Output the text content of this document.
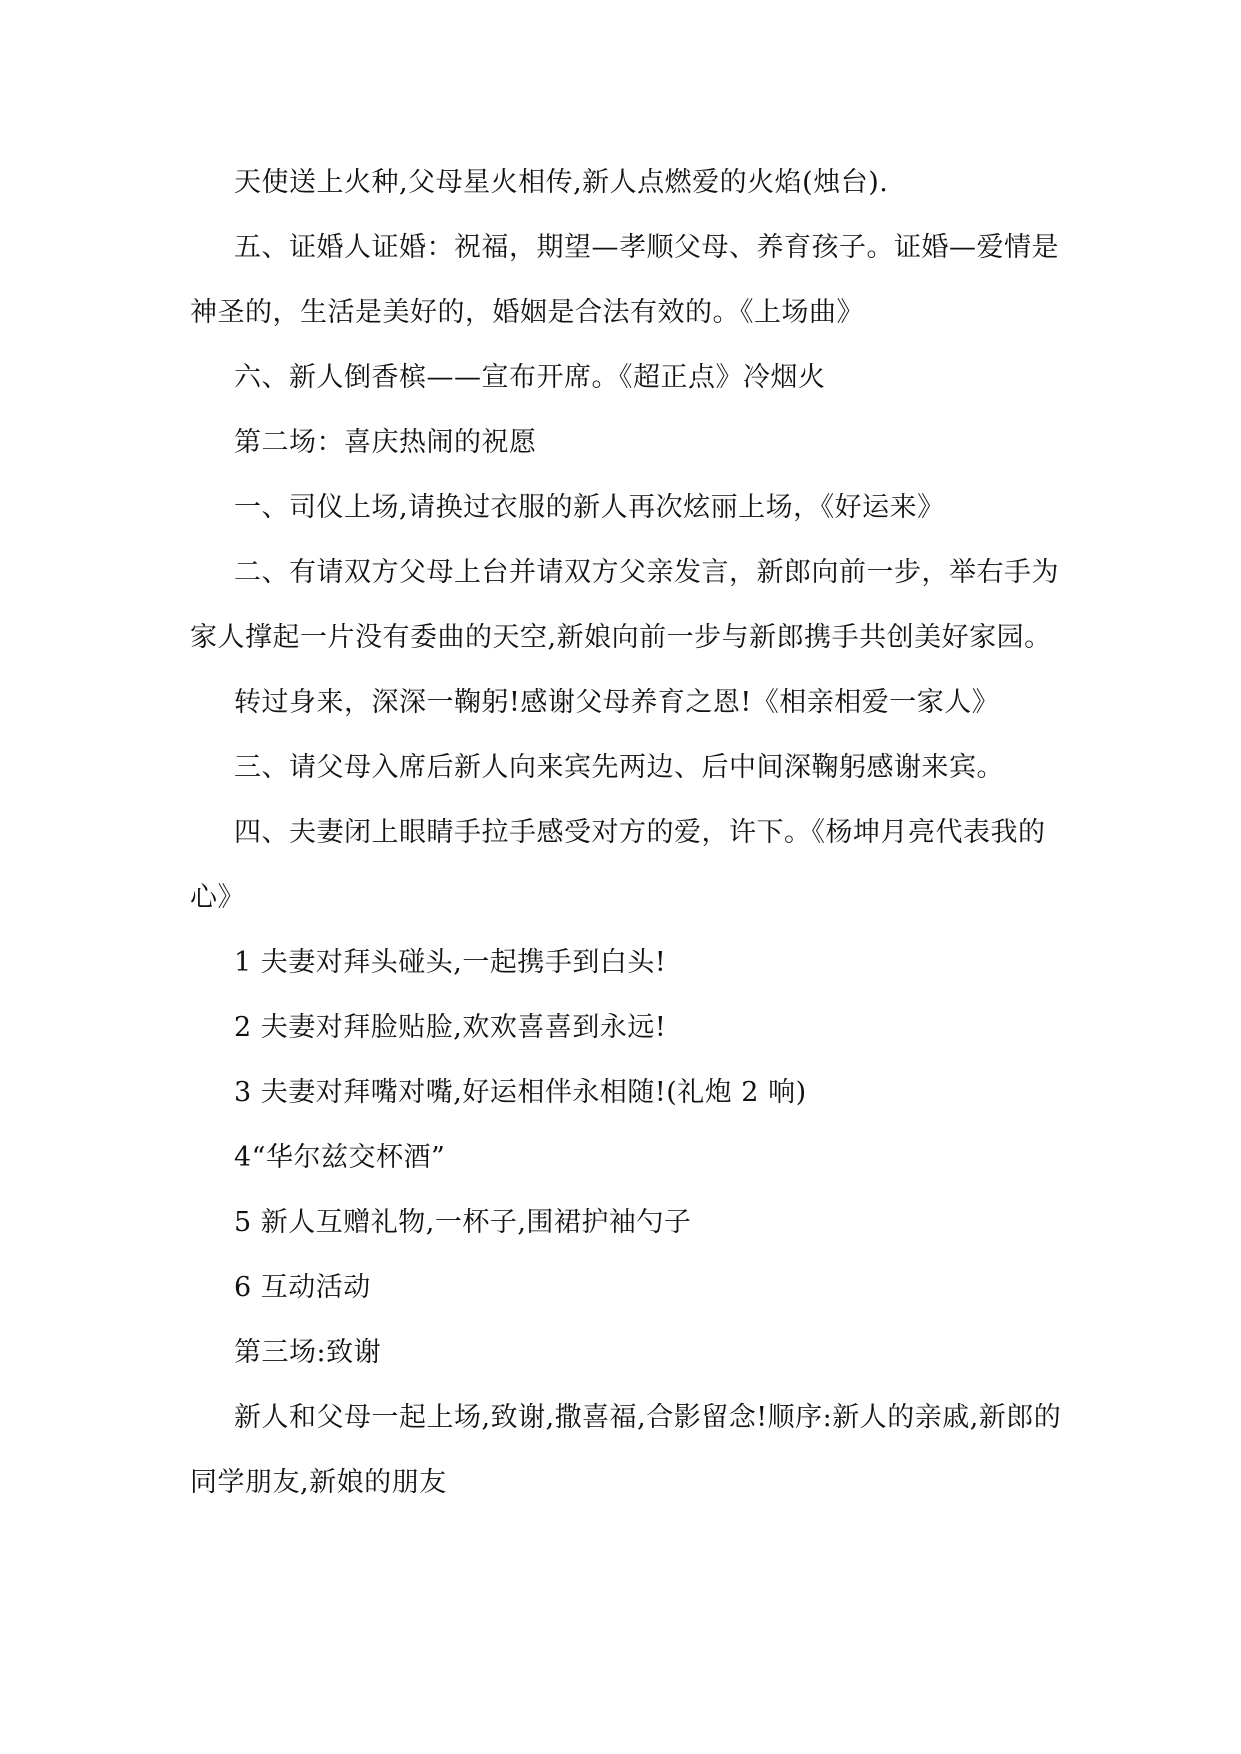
天使送上火种,父母星火相传,新人点燃爱的火焰(烛台).

五、证婚人证婚：祝福，期望—孝顺父母、养育孩子。证婚—爱情是神圣的，生活是美好的，婚姻是合法有效的。《上场曲》

六、新人倒香槟——宣布开席。《超正点》冷烟火

第二场：喜庆热闹的祝愿

一、司仪上场,请换过衣服的新人再次炫丽上场，《好运来》

二、有请双方父母上台并请双方父亲发言，新郎向前一步，举右手为家人撑起一片没有委曲的天空,新娘向前一步与新郎携手共创美好家园。

转过身来，深深一鞠躬!感谢父母养育之恩!《相亲相爱一家人》

三、请父母入席后新人向来宾先两边、后中间深鞠躬感谢来宾。

四、夫妻闭上眼睛手拉手感受对方的爱，许下。《杨坤月亮代表我的心》

1 夫妻对拜头碰头,一起携手到白头!

2 夫妻对拜脸贴脸,欢欢喜喜到永远!

3 夫妻对拜嘴对嘴,好运相伴永相随!(礼炮 2 响)

4“华尔兹交杯酒”

5 新人互赠礼物,一杯子,围裙护袖勺子

6 互动活动

第三场:致谢

新人和父母一起上场,致谢,撒喜福,合影留念!顺序:新人的亲戚,新郎的同学朋友,新娘的朋友
